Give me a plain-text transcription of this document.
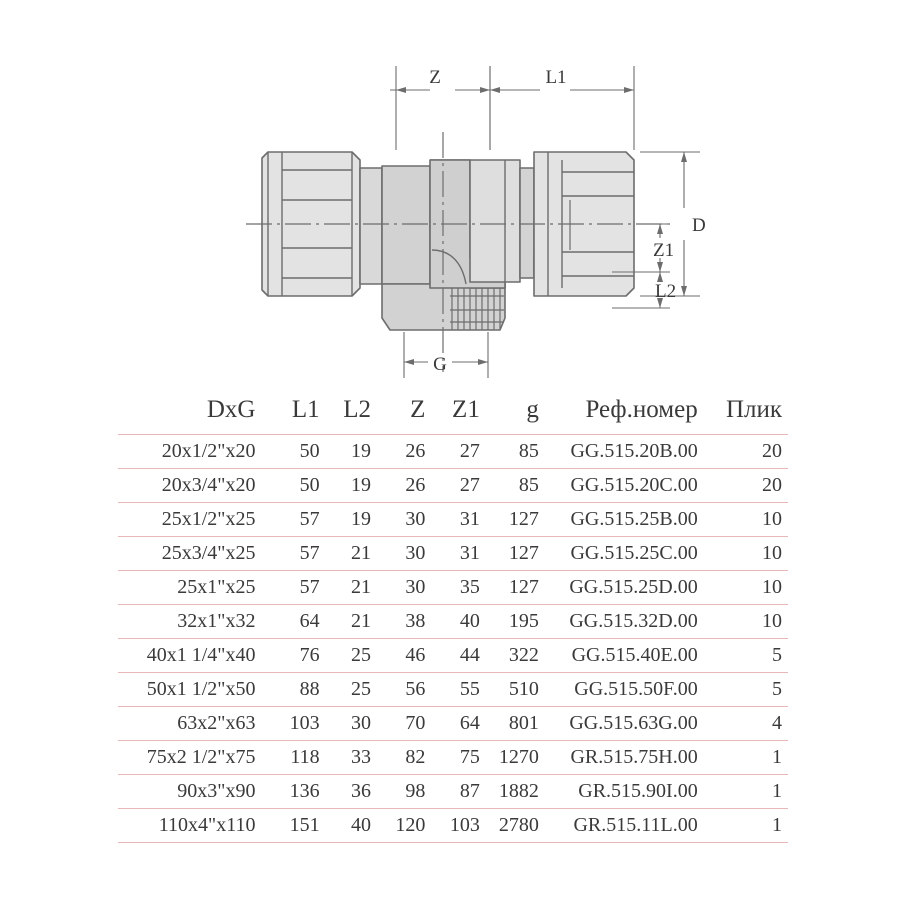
Z	L1
D
Z1
L2
G
DxG	L1	L2	Z	Z1	g	Реф.номер	Плик
20x1/2"x20	50	19	26	27	85	GG.515.20B.00	20
20x3/4"x20	50	19	26	27	85	GG.515.20C.00	20
25x1/2"x25	57	19	30	31	127	GG.515.25B.00	10
25x3/4"x25	57	21	30	31	127	GG.515.25C.00	10
25x1"x25	57	21	30	35	127	GG.515.25D.00	10
32x1"x32	64	21	38	40	195	GG.515.32D.00	10
40x1 1/4"x40	76	25	46	44	322	GG.515.40E.00	5
50x1 1/2"x50	88	25	56	55	510	GG.515.50F.00	5
63x2"x63	103	30	70	64	801	GG.515.63G.00	4
75x2 1/2"x75	118	33	82	75	1270	GR.515.75H.00	1
90x3"x90	136	36	98	87	1882	GR.515.90I.00	1
110x4"x110	151	40	120	103	2780	GR.515.11L.00	1
